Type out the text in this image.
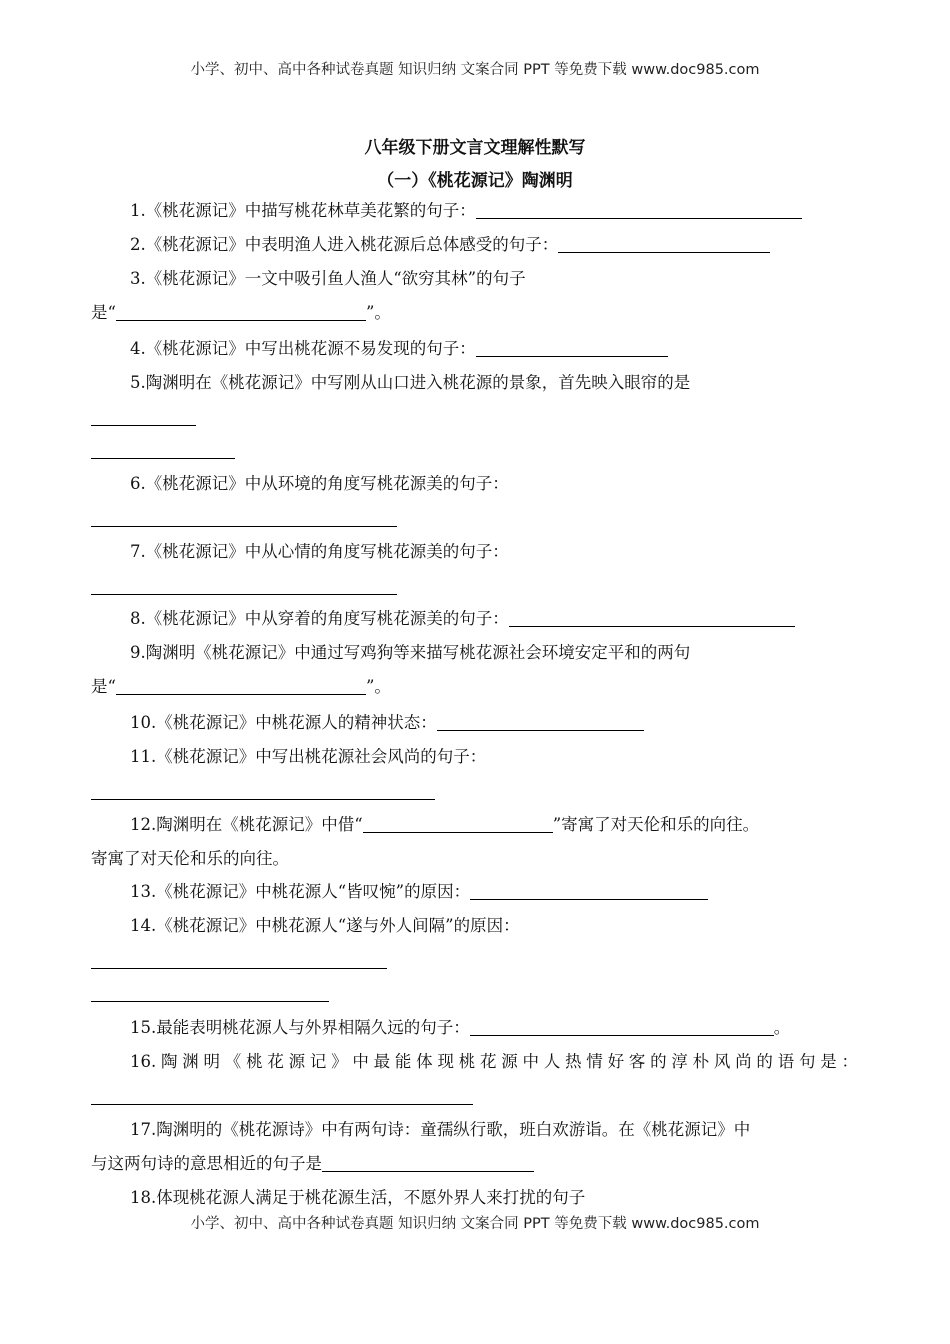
小学、初中、高中各种试卷真题 知识归纳 文案合同 PPT 等免费下载 www.doc985.com
八年级下册文言文理解性默写
（一）《桃花源记》陶渊明
1.《桃花源记》中描写桃花林草美花繁的句子：
2.《桃花源记》中表明渔人进入桃花源后总体感受的句子：
3.《桃花源记》一文中吸引鱼人渔人“欲穷其林”的句子
是“	”。
4.《桃花源记》中写出桃花源不易发现的句子：
5.陶渊明在《桃花源记》中写刚从山口进入桃花源的景象，首先映入眼帘的是
6.《桃花源记》中从环境的角度写桃花源美的句子：
7.《桃花源记》中从心情的角度写桃花源美的句子：
8.《桃花源记》中从穿着的角度写桃花源美的句子：
9.陶渊明《桃花源记》中通过写鸡狗等来描写桃花源社会环境安定平和的两句
是“	”。
10.《桃花源记》中桃花源人的精神状态：
11.《桃花源记》中写出桃花源社会风尚的句子：
12.陶渊明在《桃花源记》中借“	”寄寓了对天伦和乐的向往。
寄寓了对天伦和乐的向往。
13.《桃花源记》中桃花源人“皆叹惋”的原因：
14.《桃花源记》中桃花源人“遂与外人间隔”的原因：
15.最能表明桃花源人与外界相隔久远的句子：	。
16.陶渊明《桃花源记》中最能体现桃花源中人热情好客的淳朴风尚的语句是：
17.陶渊明的《桃花源诗》中有两句诗：童孺纵行歌，班白欢游诣。在《桃花源记》中
与这两句诗的意思相近的句子是
18.体现桃花源人满足于桃花源生活，不愿外界人来打扰的句子
小学、初中、高中各种试卷真题 知识归纳 文案合同 PPT 等免费下载 www.doc985.com
